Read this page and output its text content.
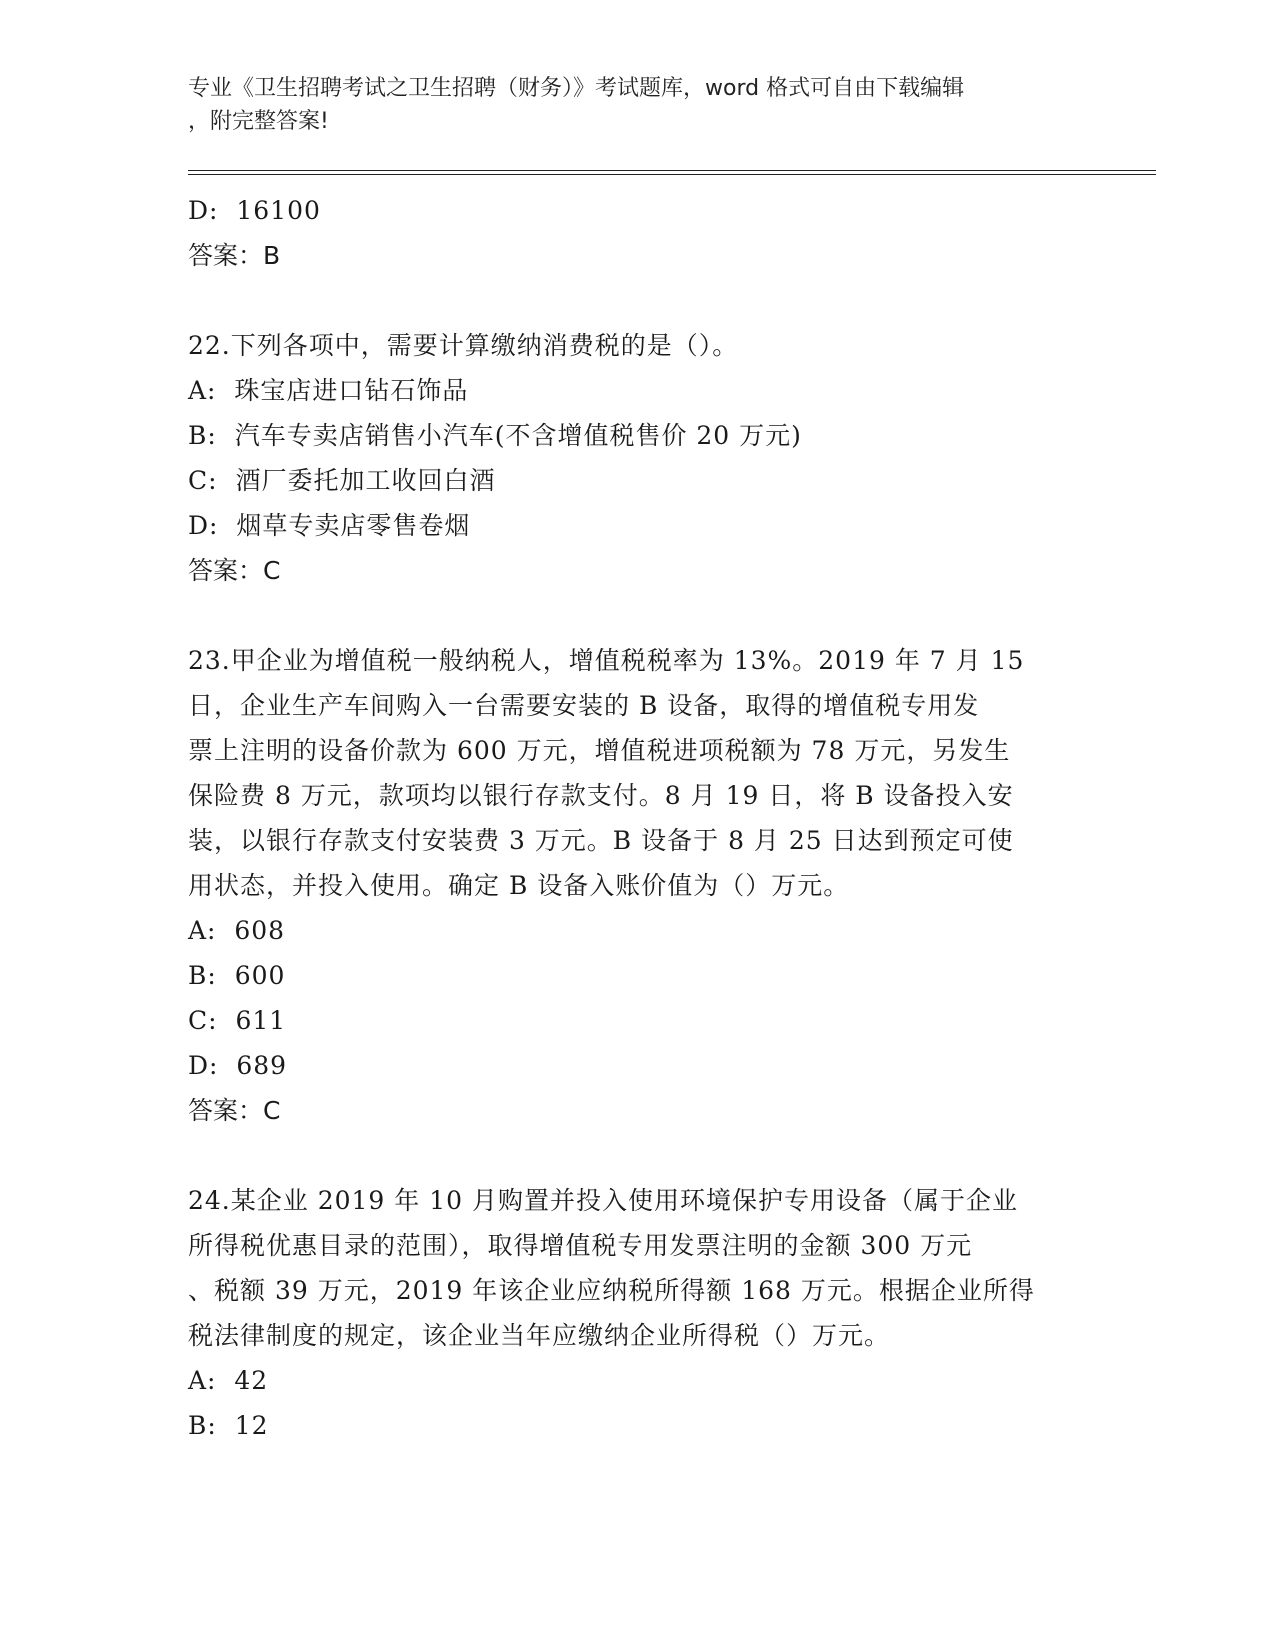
专业《卫生招聘考试之卫生招聘（财务）》考试题库，word 格式可自由下载编辑
，附完整答案!
D:  16100
答案：B
22.下列各项中，需要计算缴纳消费税的是（）。
A:  珠宝店进口钻石饰品
B:  汽车专卖店销售小汽车(不含增值税售价 20 万元)
C:  酒厂委托加工收回白酒
D:  烟草专卖店零售卷烟
答案：C
23.甲企业为增值税一般纳税人，增值税税率为 13%。2019 年 7 月 15
日，企业生产车间购入一台需要安装的 B 设备，取得的增值税专用发
票上注明的设备价款为 600 万元，增值税进项税额为 78 万元，另发生
保险费 8 万元，款项均以银行存款支付。8 月 19 日，将 B 设备投入安
装，以银行存款支付安装费 3 万元。B 设备于 8 月 25 日达到预定可使
用状态，并投入使用。确定 B 设备入账价值为（）万元。
A:  608
B:  600
C:  611
D:  689
答案：C
24.某企业 2019 年 10 月购置并投入使用环境保护专用设备（属于企业
所得税优惠目录的范围），取得增值税专用发票注明的金额 300 万元
、税额 39 万元，2019 年该企业应纳税所得额 168 万元。根据企业所得
税法律制度的规定，该企业当年应缴纳企业所得税（）万元。
A:  42
B:  12
